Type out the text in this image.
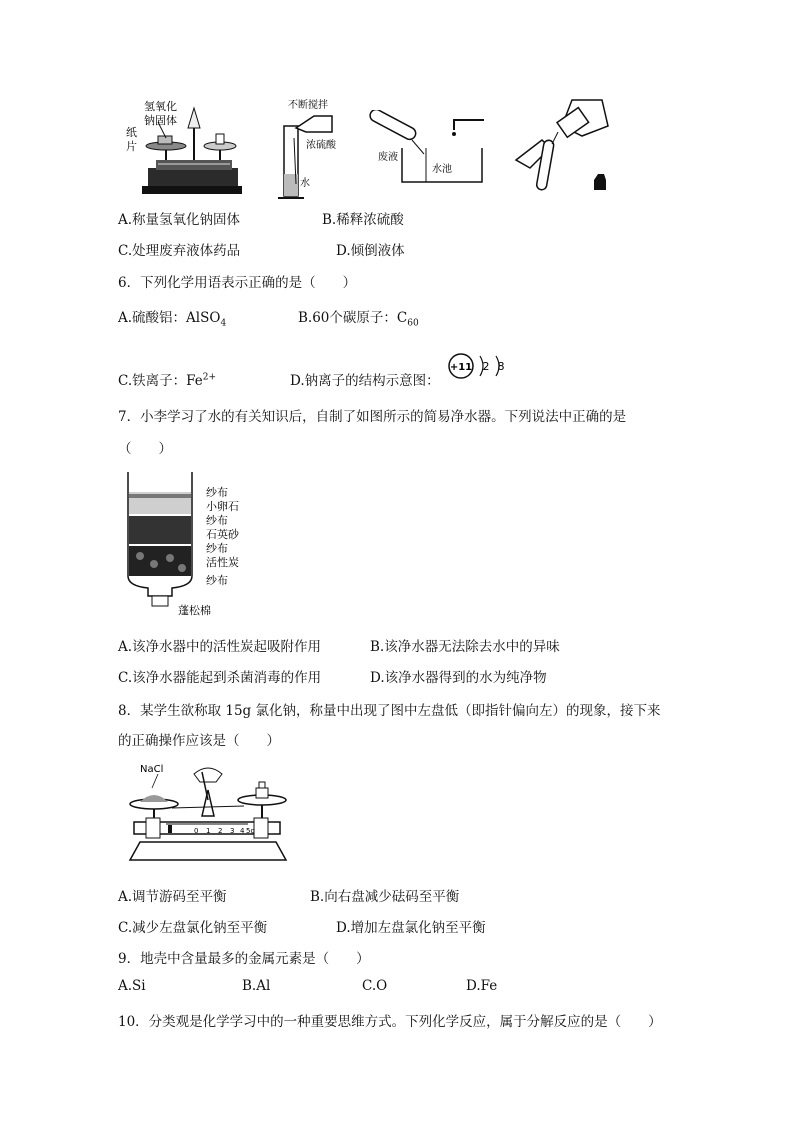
氢氧化
钠固体
纸
片
不断搅拌
浓硫酸
水
废液
水池
A.称量氢氧化钠固体	B.稀释浓硫酸
C.处理废弃液体药品	D.倾倒液体
6．下列化学用语表示正确的是（　　）
A.硫酸铝：AlSO$_4$	B.60个碳原子：$C_{60}$
C.铁离子：$Fe^{2+}$	D.钠离子的结构示意图：
+11 2 8
7．小李学习了水的有关知识后，自制了如图所示的简易净水器。下列说法中正确的是
（　　）
纱布
小卵石
纱布
石英砂
纱布
活性炭
纱布
蓬松棉
A.该净水器中的活性炭起吸附作用	B.该净水器无法除去水中的异味
C.该净水器能起到杀菌消毒的作用	D.该净水器得到的水为纯净物
8．某学生欲称取 15g 氯化钠，称量中出现了图中左盘低（即指针偏向左）的现象，接下来
的正确操作应该是（　　）
0 1 2 3 4 5g
NaCl
A.调节游码至平衡	B.向右盘减少砝码至平衡
C.减少左盘氯化钠至平衡	D.增加左盘氯化钠至平衡
9．地壳中含量最多的金属元素是（　　）
A.Si	B.Al	C.O	D.Fe
10．分类观是化学学习中的一种重要思维方式。下列化学反应，属于分解反应的是（　　）
